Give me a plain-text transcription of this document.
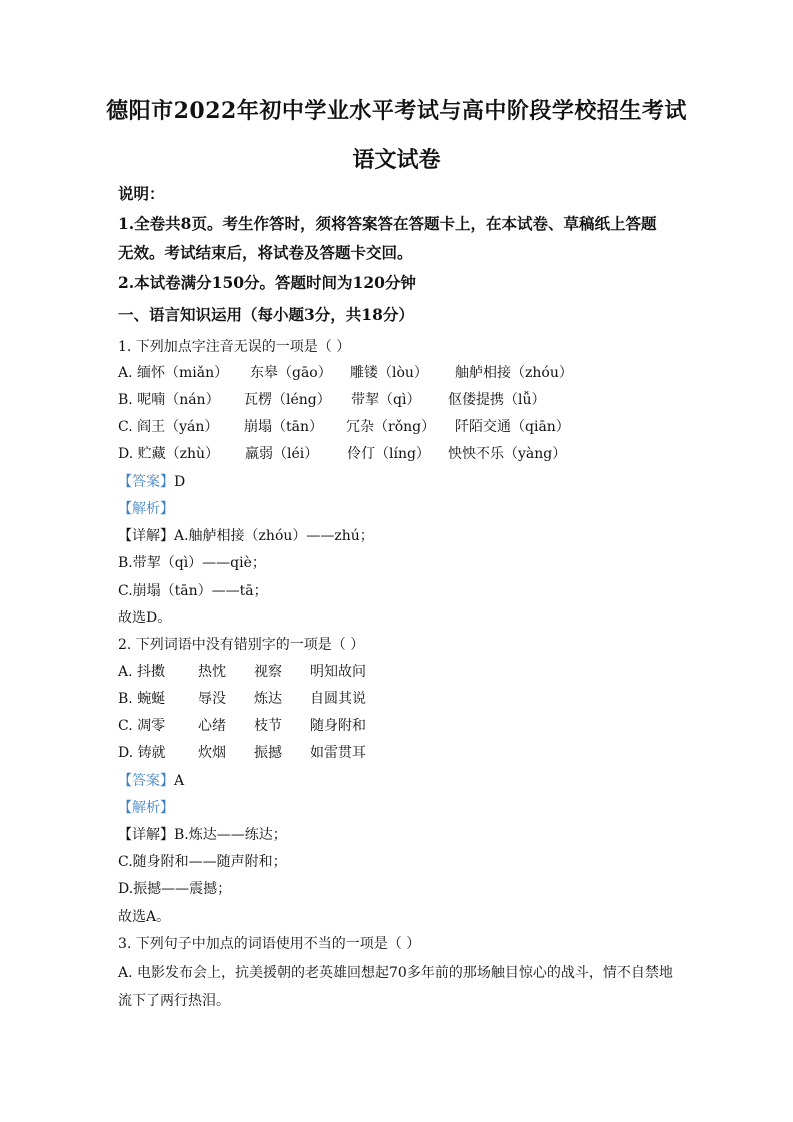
德阳市2022年初中学业水平考试与高中阶段学校招生考试
语文试卷
说明：
1.全卷共8页。考生作答时，须将答案答在答题卡上，在本试卷、草稿纸上答题
无效。考试结束后，将试卷及答题卡交回。
2.本试卷满分150分。答题时间为120分钟
一、语言知识运用（每小题3分，共18分）
1. 下列加点字注音无误的一项是（ ）
A. 缅怀（miǎn） 东皋（gāo） 雕镂（lòu） 舳舻相接（zhóu）
B. 呢喃（nán） 瓦楞（léng） 带挈（qì） 伛偻提携（lǚ）
C. 阎王（yán） 崩塌（tān） 冗杂（rǒng） 阡陌交通（qiān）
D. 贮藏（zhù） 羸弱（léi） 伶仃（líng） 怏怏不乐（yàng）
【答案】D
【解析】
【详解】A.舳舻相接（zhóu）——zhú；
B.带挈（qì）——qiè；
C.崩塌（tān）——tā；
故选D。
2. 下列词语中没有错别字的一项是（ ）
A. 抖擞 热忱 视察 明知故问
B. 蜿蜒 辱没 炼达 自圆其说
C. 凋零 心绪 枝节 随身附和
D. 铸就 炊烟 振撼 如雷贯耳
【答案】A
【解析】
【详解】B.炼达——练达；
C.随身附和——随声附和；
D.振撼——震撼；
故选A。
3. 下列句子中加点的词语使用不当的一项是（ ）
A. 电影发布会上，抗美援朝的老英雄回想起70多年前的那场触目惊心的战斗，情不自禁地
流下了两行热泪。
